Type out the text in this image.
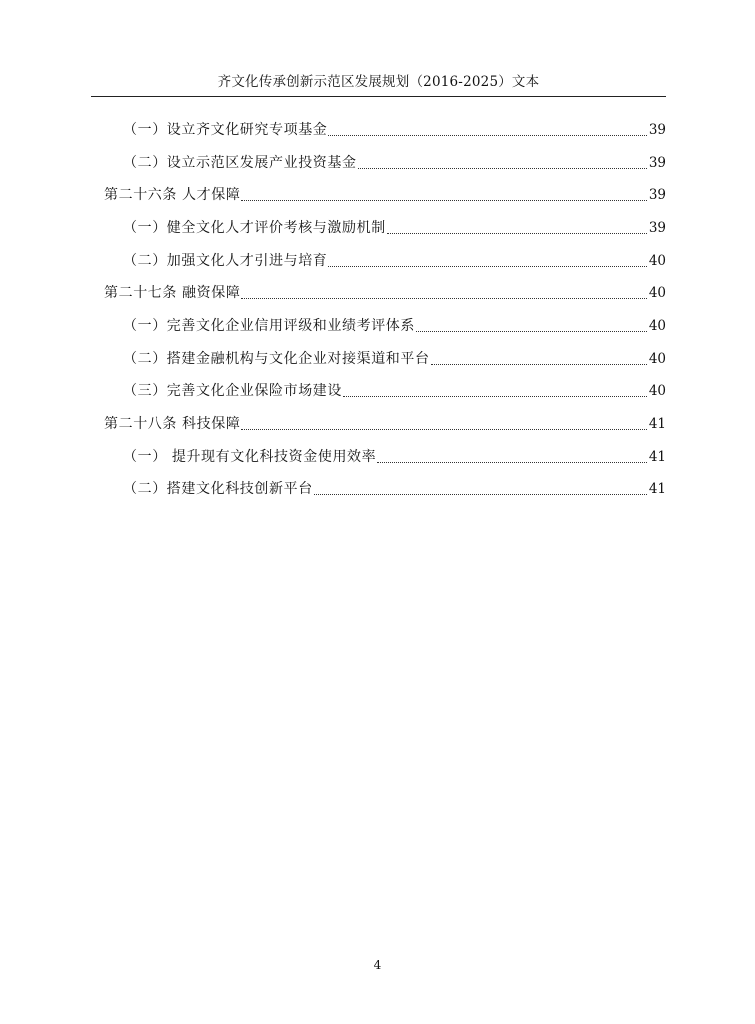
齐文化传承创新示范区发展规划（2016-2025）文本
（一）设立齐文化研究专项基金	39
（二）设立示范区发展产业投资基金	39
第二十六条 人才保障	39
（一）健全文化人才评价考核与激励机制	39
（二）加强文化人才引进与培育	40
第二十七条 融资保障	40
（一）完善文化企业信用评级和业绩考评体系	40
（二）搭建金融机构与文化企业对接渠道和平台	40
（三）完善文化企业保险市场建设	40
第二十八条 科技保障	41
（一） 提升现有文化科技资金使用效率	41
（二）搭建文化科技创新平台	41
4
